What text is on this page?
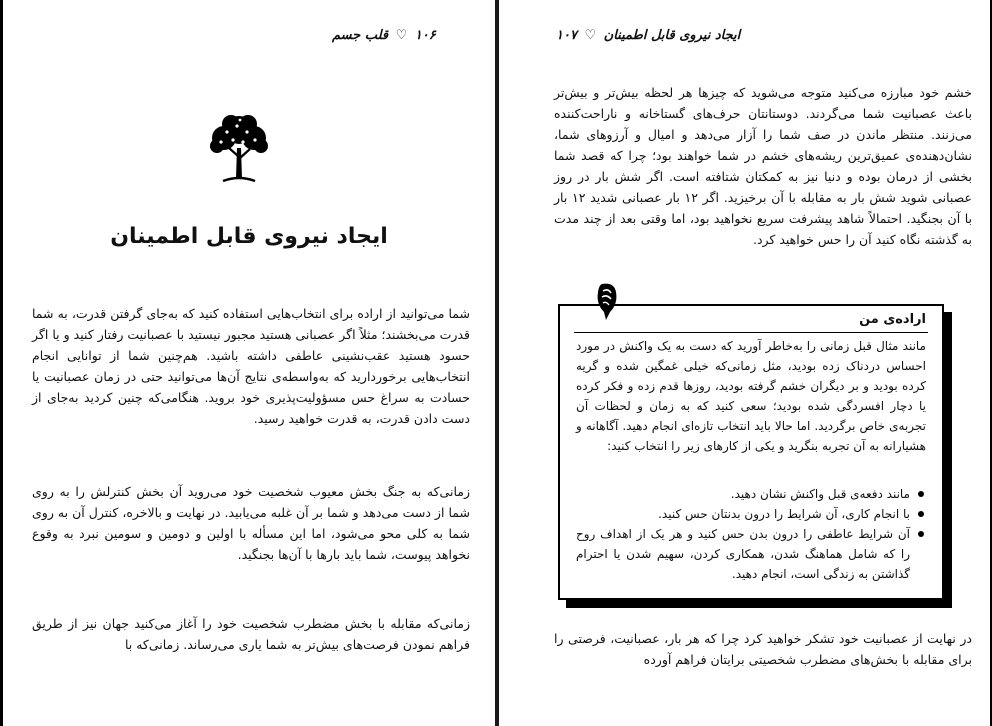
۱۰۶ ♡ قلب جسم
ایجاد نیروی قابل اطمینان

شما می‌توانید از اراده برای انتخاب‌هایی استفاده کنید که به‌جای گرفتن قدرت، به شما قدرت می‌بخشند؛ مثلاً اگر عصبانی هستید مجبور نیستید با عصبانیت رفتار کنید و یا اگر حسود هستید عقب‌نشینی عاطفی داشته باشید. هم‌چنین شما از توانایی انجام انتخاب‌هایی برخوردارید که به‌واسطه‌ی نتایج آن‌ها می‌توانید حتی در زمان عصبانیت یا حسادت به سراغ حس مسؤولیت‌پذیری خود بروید. هنگامی‌که چنین کردید به‌جای از دست دادن قدرت، به قدرت خواهید رسید.

زمانی‌که به جنگ بخش معیوب شخصیت خود می‌روید آن بخش کنترلش را به روی شما از دست می‌دهد و شما بر آن غلبه می‌یابید. در نهایت و بالاخره، کنترل آن به روی شما به کلی محو می‌شود، اما این مسأله با اولین و دومین و سومین نبرد به وقوع نخواهد پیوست، شما باید بارها با آن‌ها بجنگید.

زمانی‌که مقابله با بخش مضطرب شخصیت خود را آغاز می‌کنید جهان نیز از طریق فراهم نمودن فرصت‌های بیش‌تر به شما یاری می‌رساند. زمانی‌که با

ایجاد نیروی قابل اطمینان ♡ ۱۰۷

خشم خود مبارزه می‌کنید متوجه می‌شوید که چیزها هر لحظه بیش‌تر و بیش‌تر باعث عصبانیت شما می‌گردند. دوستانتان حرف‌های گستاخانه و ناراحت‌کننده می‌زنند. منتظر ماندن در صف شما را آزار می‌دهد و امیال و آرزوهای شما، نشان‌دهنده‌ی عمیق‌ترین ریشه‌های خشم در شما خواهند بود؛ چرا که قصد شما بخشی از درمان بوده و دنیا نیز به کمکتان شتافته است. اگر شش بار در روز عصبانی شوید شش بار به مقابله با آن برخیزید. اگر ۱۲ بار عصبانی شدید ۱۲ بار با آن بجنگید. احتمالاً شاهد پیشرفت سریع نخواهید بود، اما وقتی بعد از چند مدت به گذشته نگاه کنید آن را حس خواهید کرد.

اراده‌ی من

مانند مثال قبل زمانی را به‌خاطر آورید که دست به یک واکنش در مورد احساس دردناک زده بودید، مثل زمانی‌که خیلی غمگین شده و گریه کرده بودید و بر دیگران خشم گرفته بودید، روزها قدم زده و فکر کرده یا دچار افسردگی شده بودید؛ سعی کنید که به زمان و لحظات آن تجربه‌ی خاص برگردید. اما حالا باید انتخاب تازه‌ای انجام دهید. آگاهانه و هشیارانه به آن تجربه بنگرید و یکی از کارهای زیر را انتخاب کنید:

مانند دفعه‌ی قبل واکنش نشان دهید.
با انجام کاری، آن شرایط را درون بدنتان حس کنید.
آن شرایط عاطفی را درون بدن حس کنید و هر یک از اهداف روح را که شامل هماهنگ شدن، همکاری کردن، سهیم شدن یا احترام گذاشتن به زندگی است، انجام دهید.

در نهایت از عصبانیت خود تشکر خواهید کرد چرا که هر بار، عصبانیت، فرصتی را برای مقابله با بخش‌های مضطرب شخصیتی برایتان فراهم آورده
